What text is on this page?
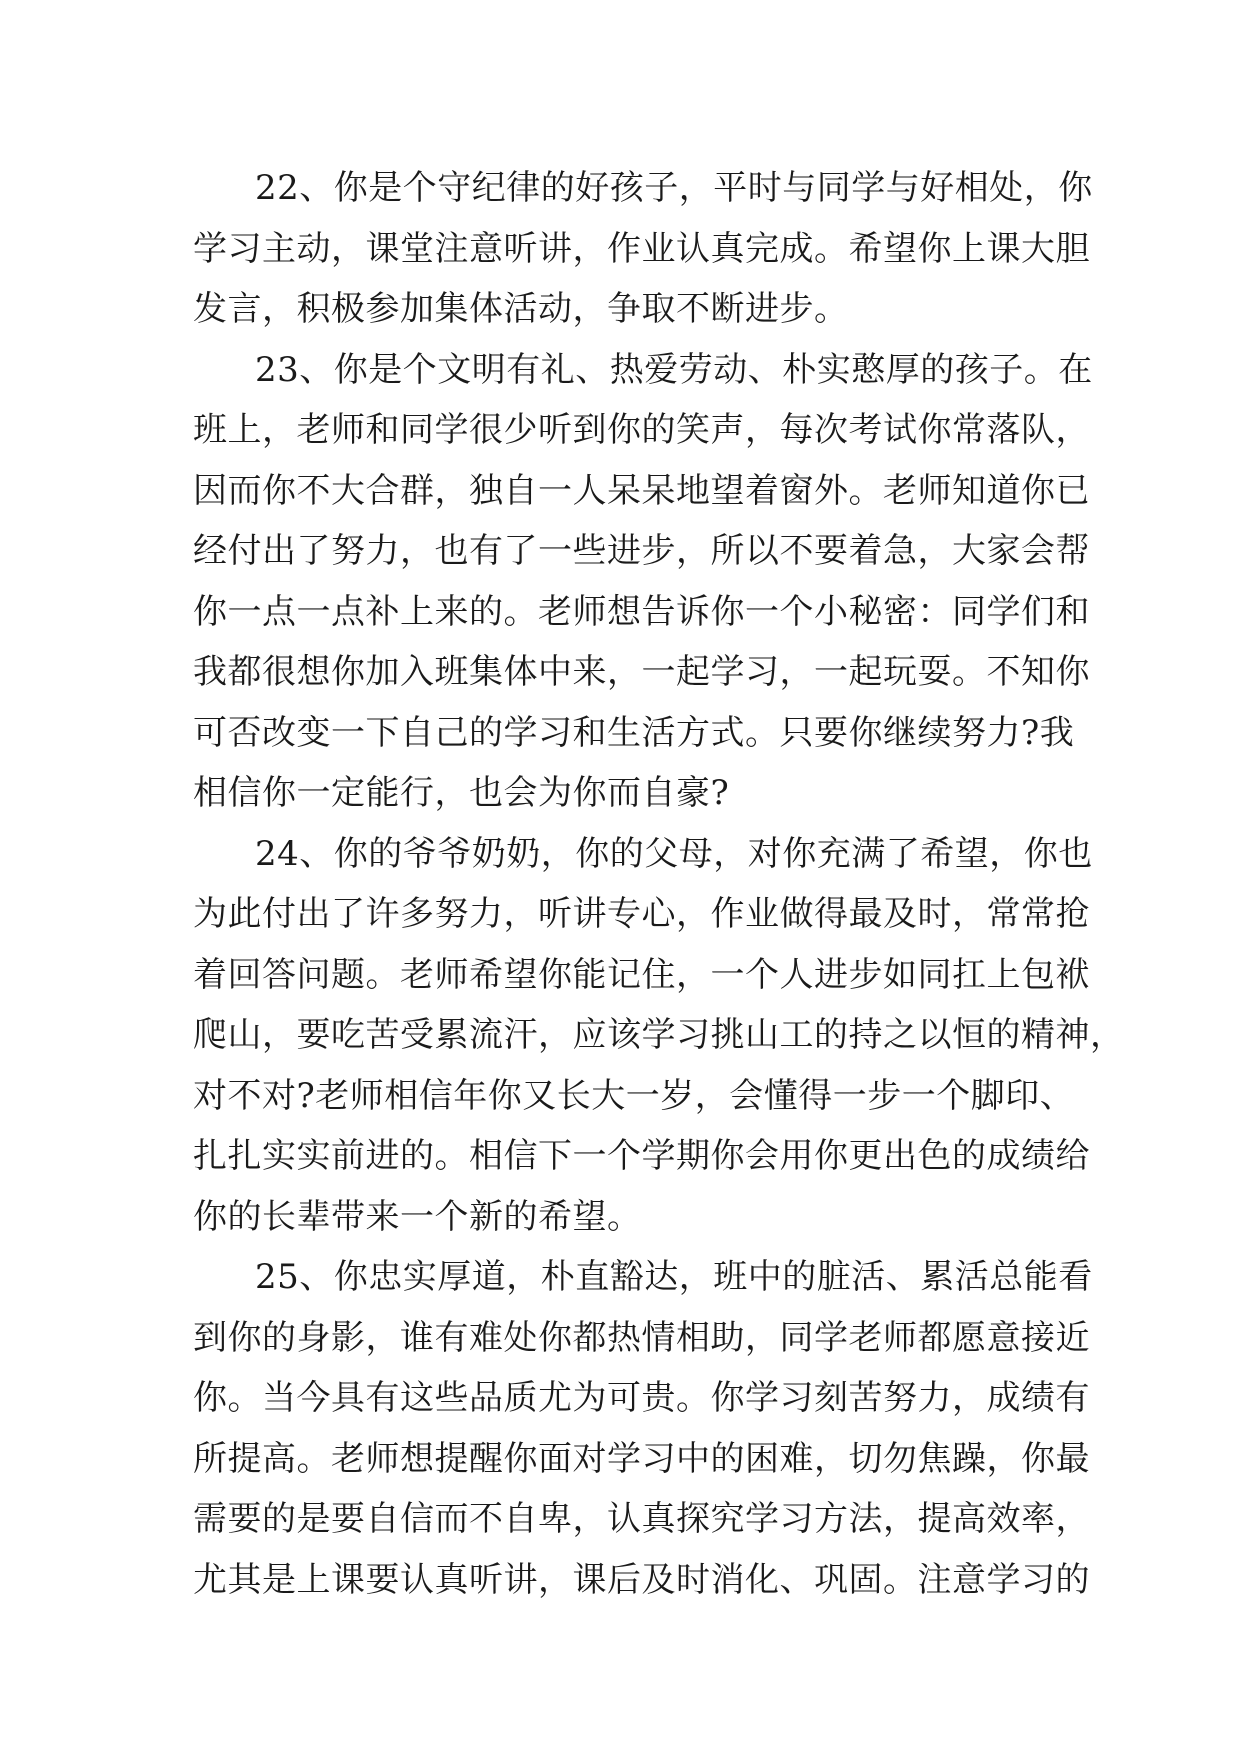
22、你是个守纪律的好孩子，平时与同学与好相处，你
学习主动，课堂注意听讲，作业认真完成。希望你上课大胆
发言，积极参加集体活动，争取不断进步。
23、你是个文明有礼、热爱劳动、朴实憨厚的孩子。在
班上，老师和同学很少听到你的笑声，每次考试你常落队，
因而你不大合群，独自一人呆呆地望着窗外。老师知道你已
经付出了努力，也有了一些进步，所以不要着急，大家会帮
你一点一点补上来的。老师想告诉你一个小秘密：同学们和
我都很想你加入班集体中来，一起学习，一起玩耍。不知你
可否改变一下自己的学习和生活方式。只要你继续努力?我
相信你一定能行，也会为你而自豪?
24、你的爷爷奶奶，你的父母，对你充满了希望，你也
为此付出了许多努力，听讲专心，作业做得最及时，常常抢
着回答问题。老师希望你能记住，一个人进步如同扛上包袱
爬山，要吃苦受累流汗，应该学习挑山工的持之以恒的精神，
对不对?老师相信年你又长大一岁，会懂得一步一个脚印、
扎扎实实前进的。相信下一个学期你会用你更出色的成绩给
你的长辈带来一个新的希望。
25、你忠实厚道，朴直豁达，班中的脏活、累活总能看
到你的身影，谁有难处你都热情相助，同学老师都愿意接近
你。当今具有这些品质尤为可贵。你学习刻苦努力，成绩有
所提高。老师想提醒你面对学习中的困难，切勿焦躁，你最
需要的是要自信而不自卑，认真探究学习方法，提高效率，
尤其是上课要认真听讲，课后及时消化、巩固。注意学习的
